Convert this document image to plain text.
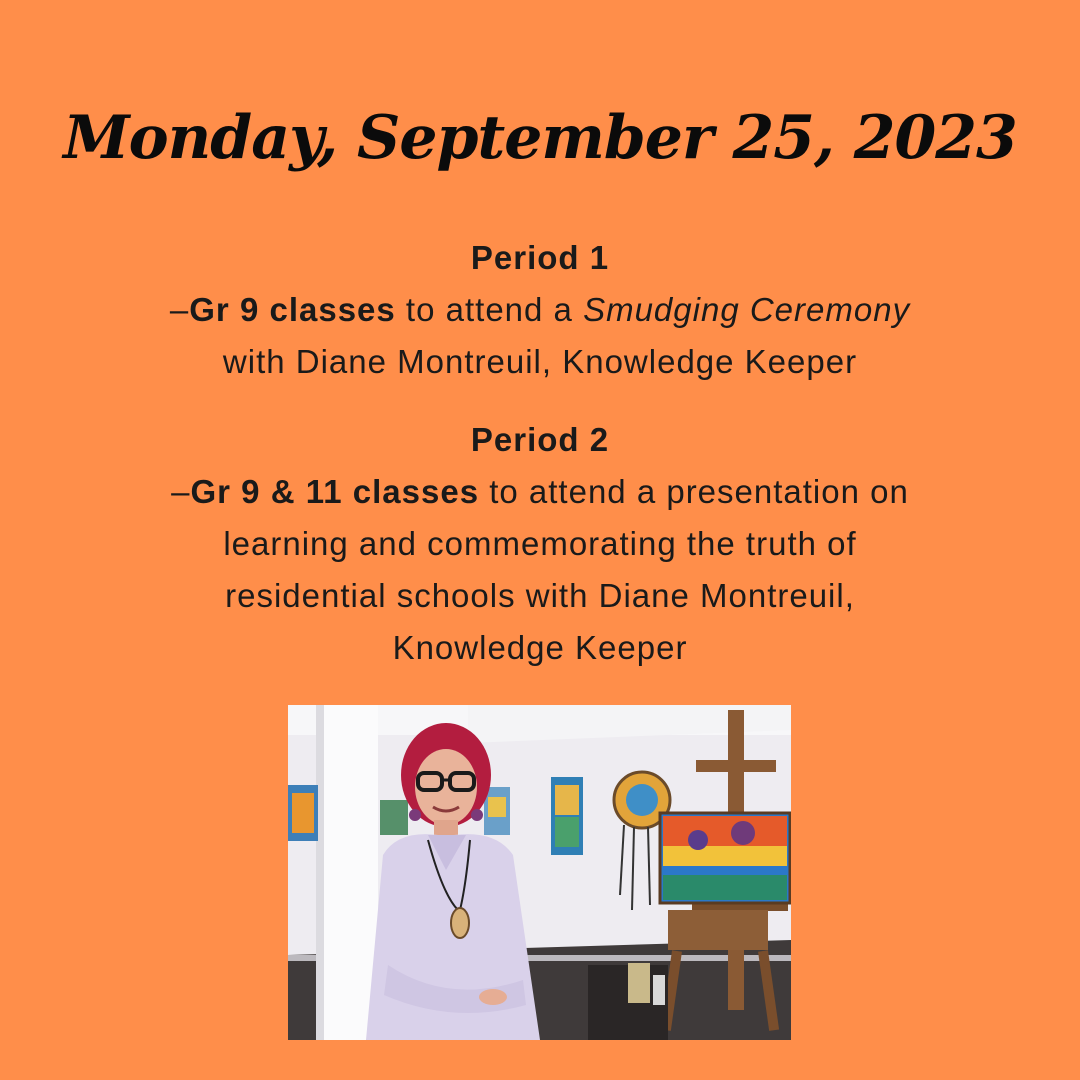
Monday, September 25, 2023

Period 1

–Gr 9 classes to attend a Smudging Ceremony

with Diane Montreuil, Knowledge Keeper

Period 2

–Gr 9 & 11 classes to attend a presentation on

learning and commemorating the truth of

residential schools with Diane Montreuil,

Knowledge Keeper
